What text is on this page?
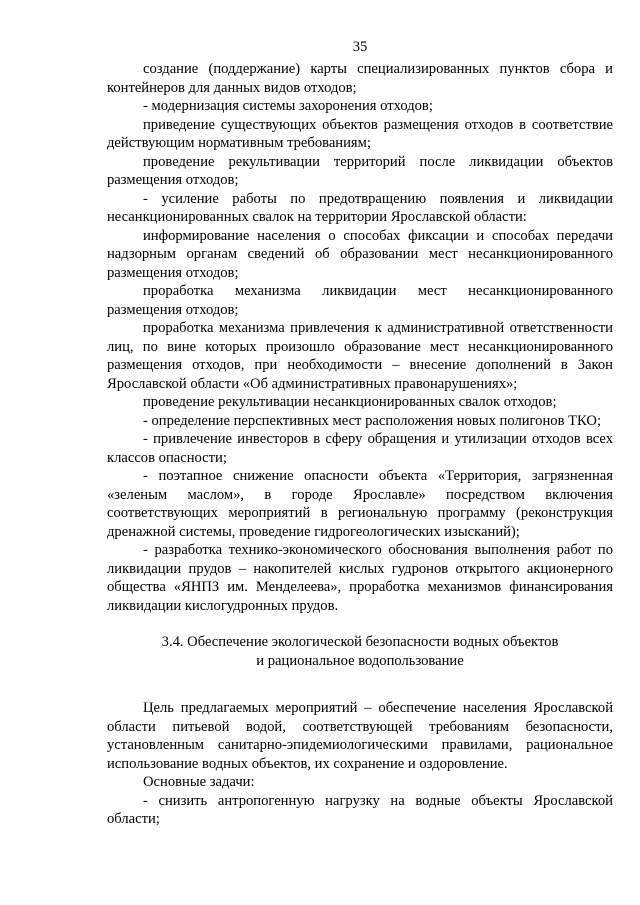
35

создание (поддержание) карты специализированных пунктов сбора и контейнеров для данных видов отходов;

- модернизация системы захоронения отходов;

приведение существующих объектов размещения отходов в соответствие действующим нормативным требованиям;

проведение рекультивации территорий после ликвидации объектов размещения отходов;

- усиление работы по предотвращению появления и ликвидации несанкционированных свалок на территории Ярославской области:

информирование населения о способах фиксации и способах передачи надзорным органам сведений об образовании мест несанкционированного размещения отходов;

проработка механизма ликвидации мест несанкционированного размещения отходов;

проработка механизма привлечения к административной ответственности лиц, по вине которых произошло образование мест несанкционированного размещения отходов, при необходимости – внесение дополнений в Закон Ярославской области «Об административных правонарушениях»;

проведение рекультивации несанкционированных свалок отходов;

- определение перспективных мест расположения новых полигонов ТКО;

- привлечение инвесторов в сферу обращения и утилизации отходов всех классов опасности;

- поэтапное снижение опасности объекта «Территория, загрязненная «зеленым маслом», в городе Ярославле» посредством включения соответствующих мероприятий в региональную программу (реконструкция дренажной системы, проведение гидрогеологических изысканий);

- разработка технико-экономического обоснования выполнения работ по ликвидации прудов – накопителей кислых гудронов открытого акционерного общества «ЯНПЗ им. Менделеева», проработка механизмов финансирования ликвидации кислогудронных прудов.

3.4. Обеспечение экологической безопасности водных объектов

и рациональное водопользование

Цель предлагаемых мероприятий – обеспечение населения Ярославской области питьевой водой, соответствующей требованиям безопасности, установленным санитарно-эпидемиологическими правилами, рациональное использование водных объектов, их сохранение и оздоровление.

Основные задачи:

- снизить антропогенную нагрузку на водные объекты Ярославской области;
